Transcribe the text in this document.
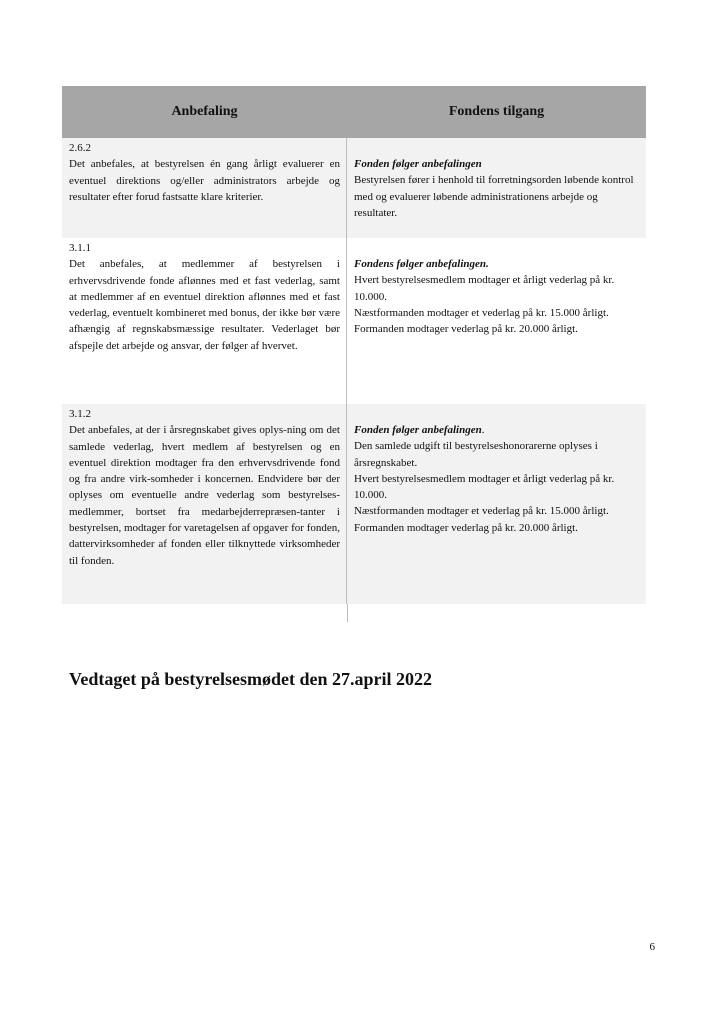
Anbefaling	Fondens tilgang

2.6.2

Det anbefales, at bestyrelsen én gang årligt evaluerer en eventuel direktions og/eller administrators arbejde og resultater efter forud fastsatte klare kriterier.

Fonden følger anbefalingen

Bestyrelsen fører i henhold til forretningsorden løbende kontrol med og evaluerer løbende administrationens arbejde og resultater.

3.1.1

Det anbefales, at medlemmer af bestyrelsen i erhvervsdrivende fonde aflønnes med et fast vederlag, samt at medlemmer af en eventuel direktion aflønnes med et fast vederlag, eventuelt kombineret med bonus, der ikke bør være afhængig af regnskabsmæssige resultater. Vederlaget bør afspejle det arbejde og ansvar, der følger af hvervet.

Fondens følger anbefalingen.

Hvert bestyrelsesmedlem modtager et årligt vederlag på kr. 10.000.

Næstformanden modtager et vederlag på kr. 15.000 årligt.

Formanden modtager vederlag på kr. 20.000 årligt.

3.1.2

Det anbefales, at der i årsregnskabet gives oplys-ning om det samlede vederlag, hvert medlem af bestyrelsen og en eventuel direktion modtager fra den erhvervsdrivende fond og fra andre virk-somheder i koncernen. Endvidere bør der oplyses om eventuelle andre vederlag som bestyrelses-medlemmer, bortset fra medarbejderrepræsen-tanter i bestyrelsen, modtager for varetagelsen af opgaver for fonden, dattervirksomheder af fonden eller tilknyttede virksomheder til fonden.

Fonden følger anbefalingen.

Den samlede udgift til bestyrelseshonorarerne oplyses i årsregnskabet.

Hvert bestyrelsesmedlem modtager et årligt vederlag på kr. 10.000.

Næstformanden modtager et vederlag på kr. 15.000 årligt.

Formanden modtager vederlag på kr. 20.000 årligt.

Vedtaget på bestyrelsesmødet den 27.april 2022
6
